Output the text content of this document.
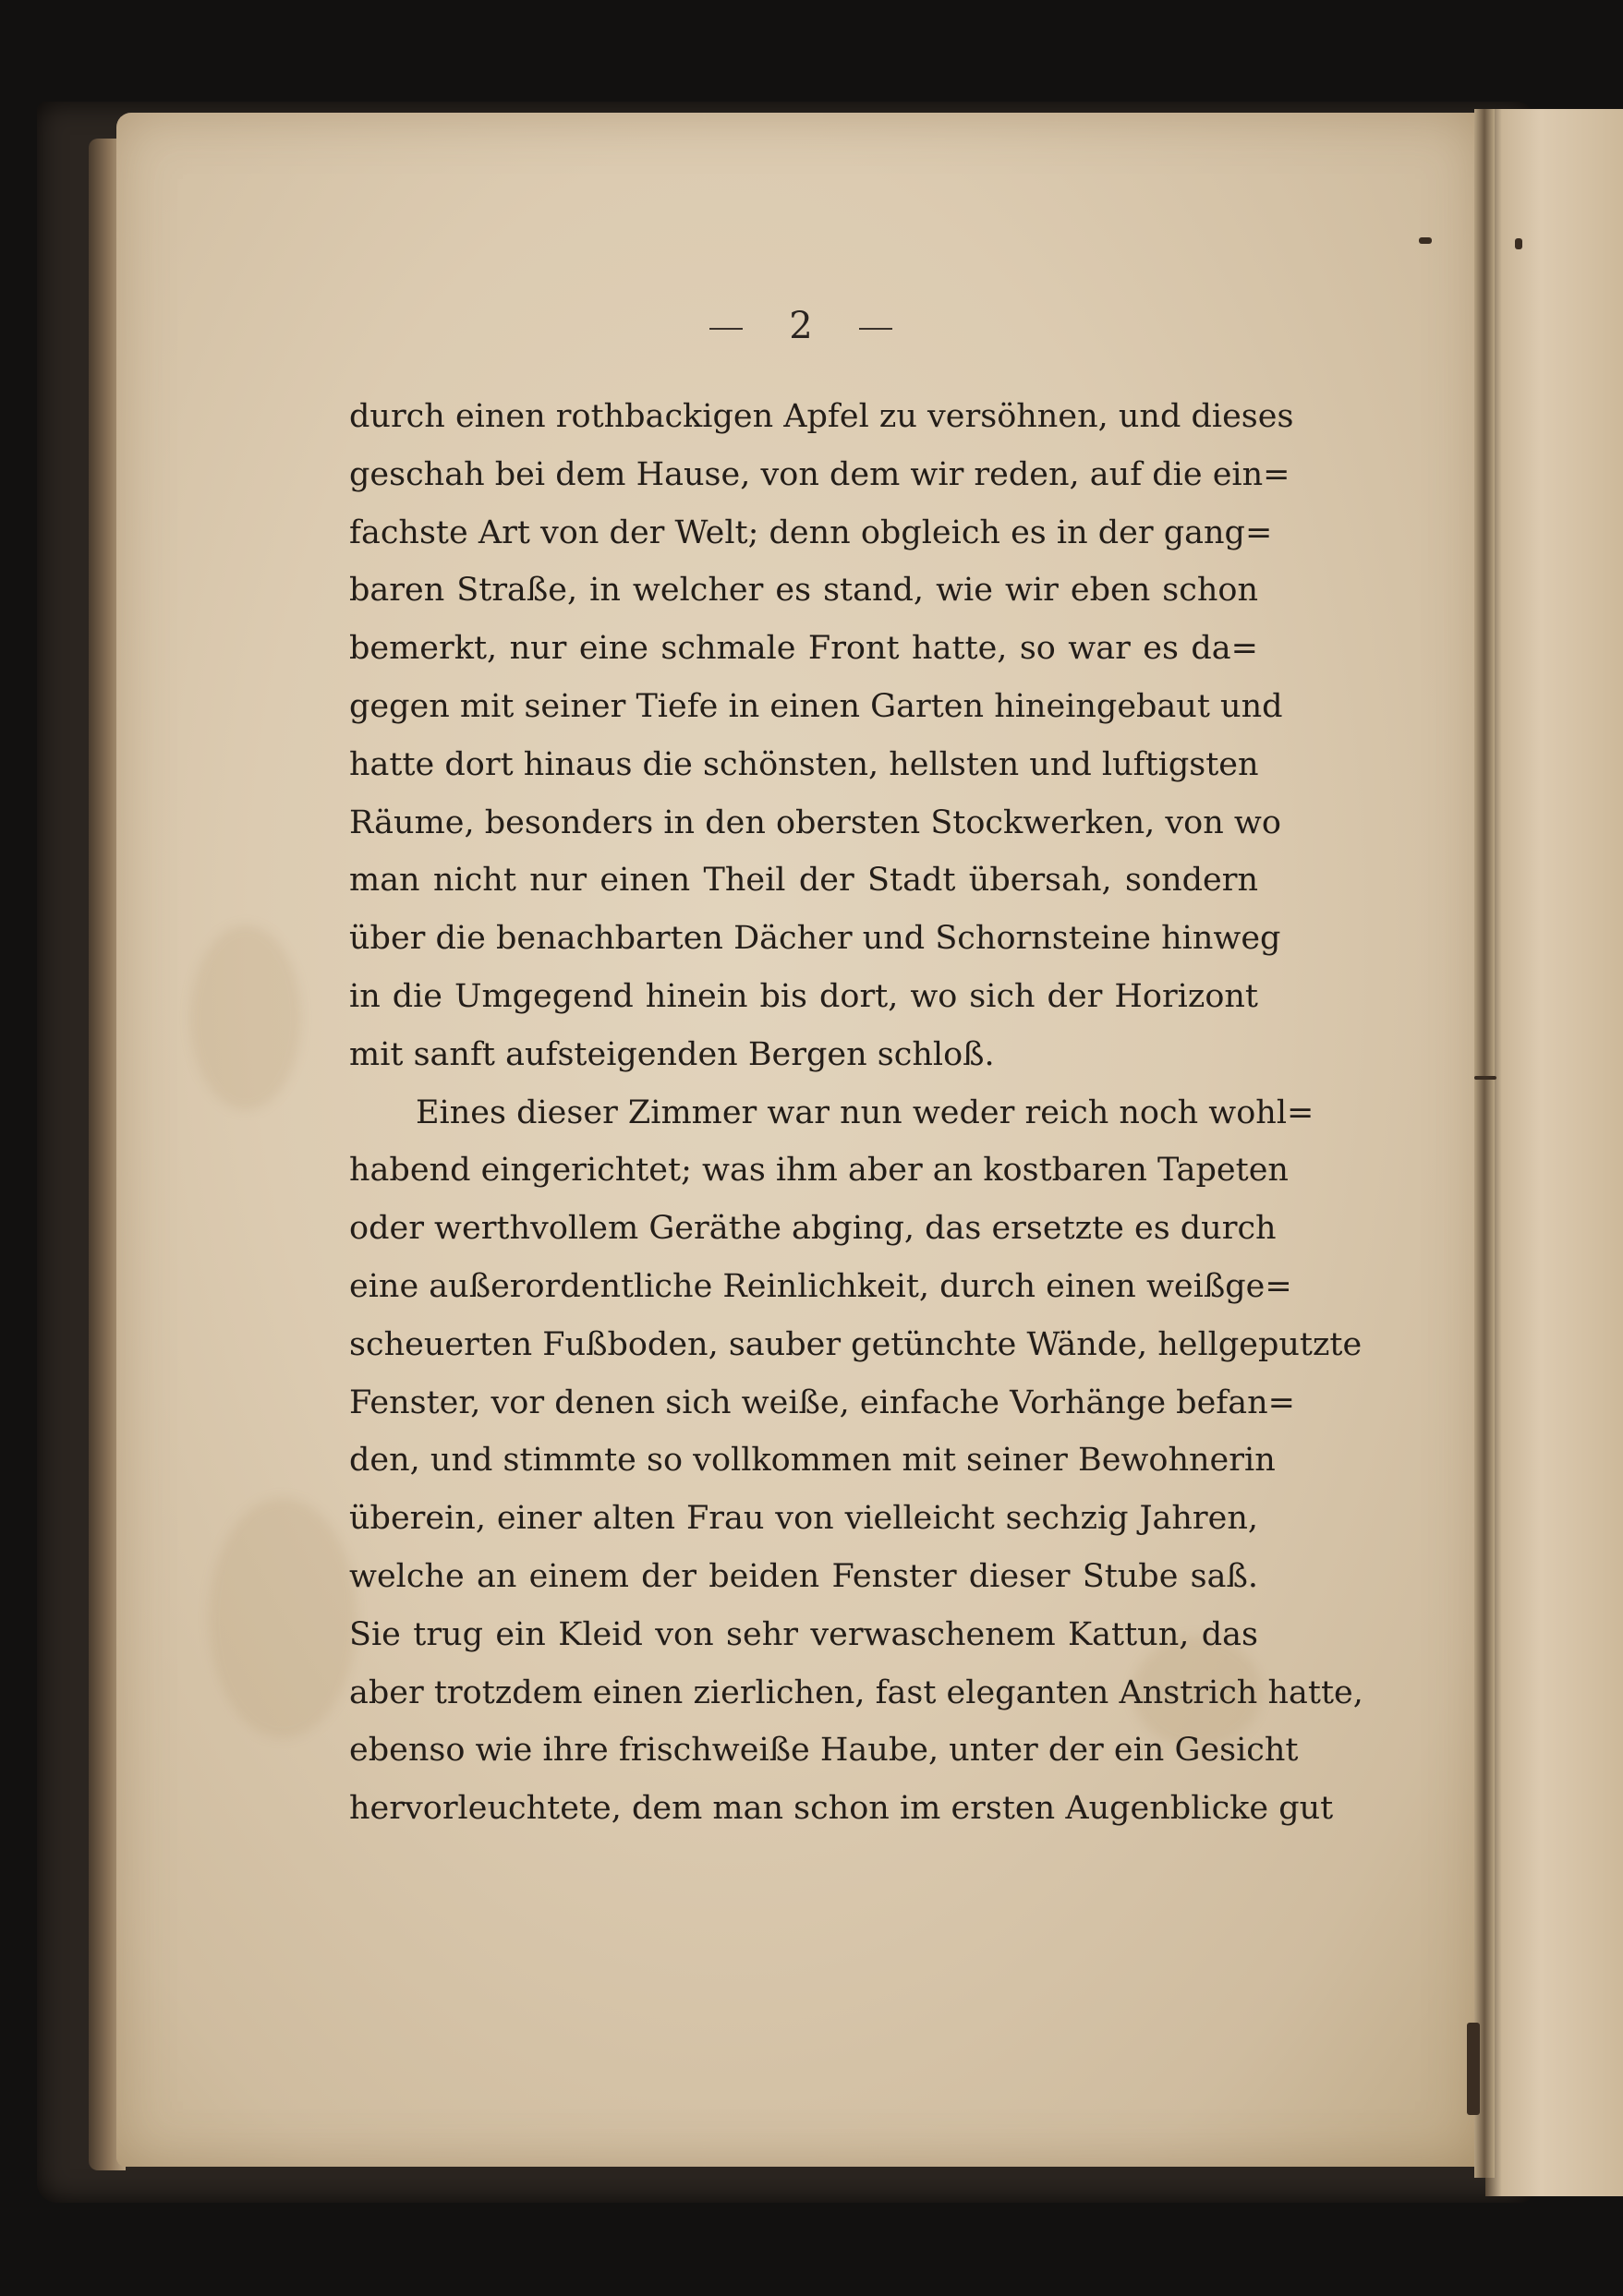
2
durch einen rothbackigen Apfel zu versöhnen, und dieses
geschah bei dem Hause, von dem wir reden, auf die ein=
fachste Art von der Welt; denn obgleich es in der gang=
baren Straße, in welcher es stand, wie wir eben schon
bemerkt, nur eine schmale Front hatte, so war es da=
gegen mit seiner Tiefe in einen Garten hineingebaut und
hatte dort hinaus die schönsten, hellsten und luftigsten
Räume, besonders in den obersten Stockwerken, von wo
man nicht nur einen Theil der Stadt übersah, sondern
über die benachbarten Dächer und Schornsteine hinweg
in die Umgegend hinein bis dort, wo sich der Horizont
mit sanft aufsteigenden Bergen schloß.
Eines dieser Zimmer war nun weder reich noch wohl=
habend eingerichtet; was ihm aber an kostbaren Tapeten
oder werthvollem Geräthe abging, das ersetzte es durch
eine außerordentliche Reinlichkeit, durch einen weißge=
scheuerten Fußboden, sauber getünchte Wände, hellgeputzte
Fenster, vor denen sich weiße, einfache Vorhänge befan=
den, und stimmte so vollkommen mit seiner Bewohnerin
überein, einer alten Frau von vielleicht sechzig Jahren,
welche an einem der beiden Fenster dieser Stube saß.
Sie trug ein Kleid von sehr verwaschenem Kattun, das
aber trotzdem einen zierlichen, fast eleganten Anstrich hatte,
ebenso wie ihre frischweiße Haube, unter der ein Gesicht
hervorleuchtete, dem man schon im ersten Augenblicke gut
